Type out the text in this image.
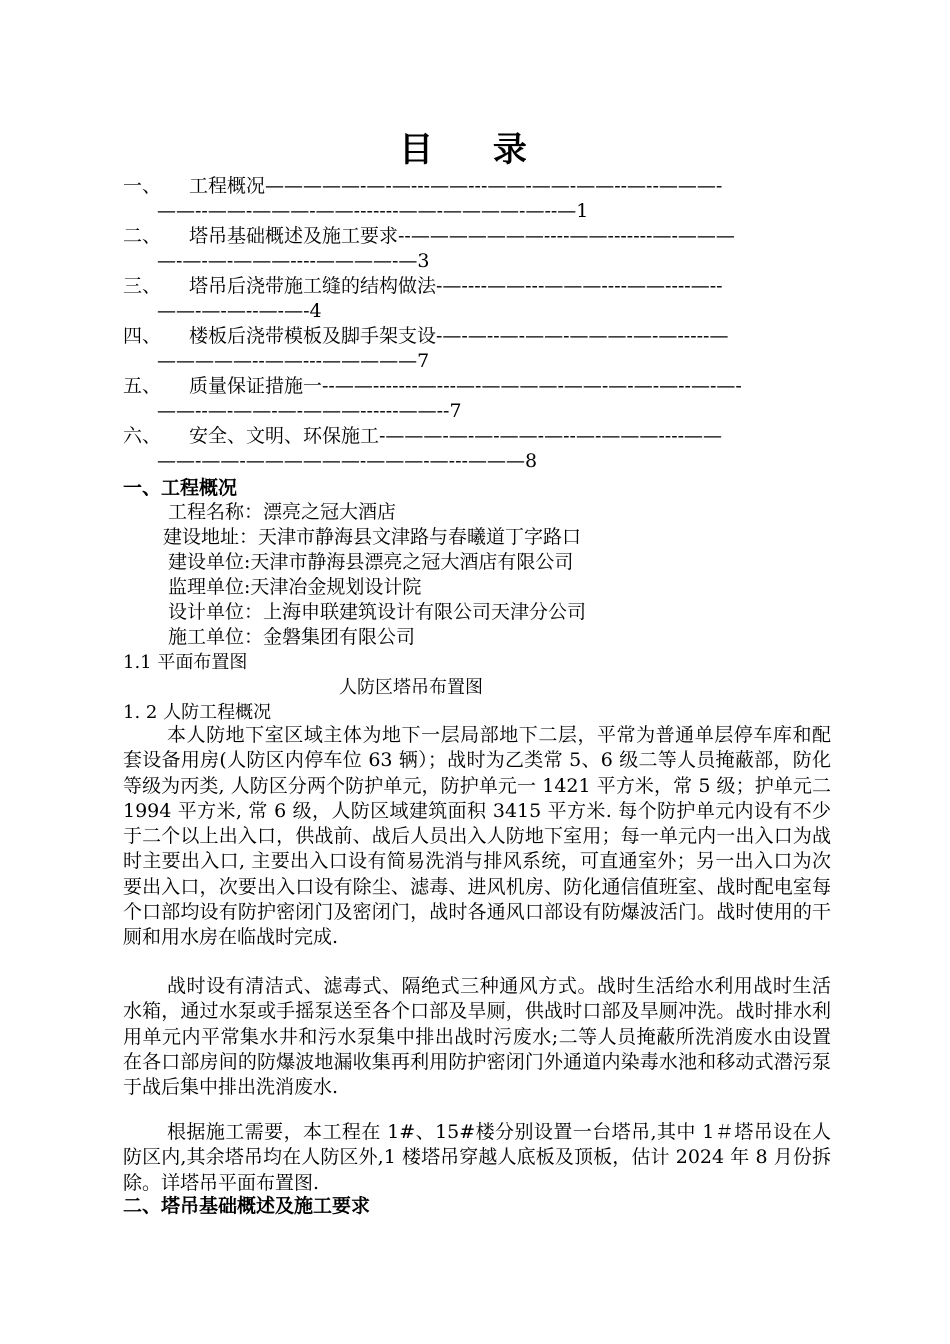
目 录
一、 工程概况—————-—-—---——---——-——-——--—--———-
——--——-———-——-------——-————-—--—1
二、 塔吊基础概述及施工要求--———————----——-------—-———
—-—-—-———----————-—3
三、 塔吊后浇带施工缝的结构做法-—----——---———----——----—--
——-—-—--—-—-4
四、 楼板后浇带模板及脚手架支设-—-—--—-——-———-—-—-----—
—————--——---—————7
五、 质量保证措施一--——-------—---—-————-——-—-—-—--—-—-
——--—-——-—-———------——--7
六、 安全、文明、环保施工-———-—-—-——-—--—-———----——
——-——-——————-———-—---———8
一、工程概况
工程名称：漂亮之冠大酒店
建设地址：天津市静海县文津路与春曦道丁字路口
建设单位:天津市静海县漂亮之冠大酒店有限公司
监理单位:天津冶金规划设计院
设计单位：上海申联建筑设计有限公司天津分公司
施工单位：金磐集团有限公司
1.1 平面布置图
人防区塔吊布置图
1. 2 人防工程概况

本人防地下室区域主体为地下一层局部地下二层，平常为普通单层停车库和配套设备用房(人防区内停车位 63 辆）；战时为乙类常 5、6 级二等人员掩蔽部，防化等级为丙类, 人防区分两个防护单元，防护单元一 1421 平方米，常 5 级；护单元二 1994 平方米, 常 6 级，人防区域建筑面积 3415 平方米. 每个防护单元内设有不少于二个以上出入口，供战前、战后人员出入人防地下室用；每一单元内一出入口为战时主要出入口, 主要出入口设有简易洗消与排风系统，可直通室外；另一出入口为次要出入口，次要出入口设有除尘、滤毒、进风机房、防化通信值班室、战时配电室每个口部均设有防护密闭门及密闭门，战时各通风口部设有防爆波活门。战时使用的干厕和用水房在临战时完成.

战时设有清洁式、滤毒式、隔绝式三种通风方式。战时生活给水利用战时生活水箱，通过水泵或手摇泵送至各个口部及旱厕，供战时口部及旱厕冲洗。战时排水利用单元内平常集水井和污水泵集中排出战时污废水;二等人员掩蔽所洗消废水由设置在各口部房间的防爆波地漏收集再利用防护密闭门外通道内染毒水池和移动式潜污泵于战后集中排出洗消废水.

根据施工需要，本工程在 1#、15#楼分别设置一台塔吊,其中 1＃塔吊设在人防区内,其余塔吊均在人防区外,1 楼塔吊穿越人底板及顶板，估计 2024 年 8 月份拆除。详塔吊平面布置图.

二、塔吊基础概述及施工要求
